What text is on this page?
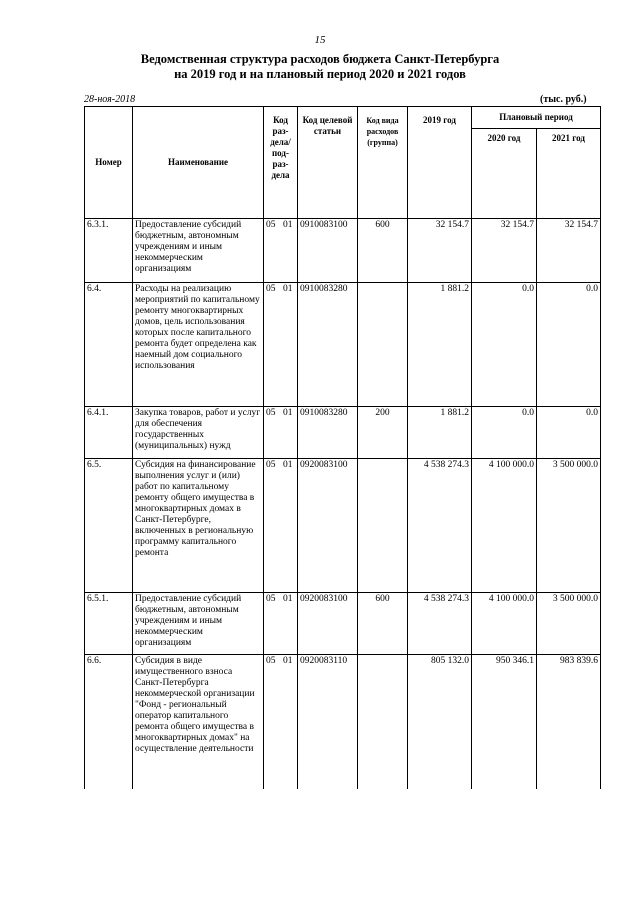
15
Ведомственная структура расходов бюджета Санкт-Петербурга
на 2019 год и на плановый период 2020 и 2021 годов
28-ноя-2018	(тыс. руб.)
Номер	Наименование	Код раз- дела/ под- раз- дела	Код целевой статьи	Код вида расходов (группа)	2019 год	Плановый период	
						2020 год	2021 год
6.3.1.	Предоставление субсидий бюджетным, автономным учреждениям и иным некоммерческим организациям	05 01	0910083100	600	32 154.7	32 154.7	32 154.7
6.4.	Расходы на реализацию мероприятий по капитальному ремонту многоквартирных домов, цель использования которых после капитального ремонта будет определена как наемный дом социального использования	05 01	0910083280		1 881.2	0.0	0.0
6.4.1.	Закупка товаров, работ и услуг для обеспечения государственных (муниципальных) нужд	05 01	0910083280	200	1 881.2	0.0	0.0
6.5.	Субсидия на финансирование выполнения услуг и (или) работ по капитальному ремонту общего имущества в многоквартирных домах в Санкт-Петербурге, включенных в региональную программу капитального ремонта	05 01	0920083100		4 538 274.3	4 100 000.0	3 500 000.0
6.5.1.	Предоставление субсидий бюджетным, автономным учреждениям и иным некоммерческим организациям	05 01	0920083100	600	4 538 274.3	4 100 000.0	3 500 000.0
6.6.	Субсидия в виде имущественного взноса Санкт-Петербурга некоммерческой организации "Фонд - региональный оператор капитального ремонта общего имущества в многоквартирных домах" на осуществление деятельности	05 01	0920083110		805 132.0	950 346.1	983 839.6
